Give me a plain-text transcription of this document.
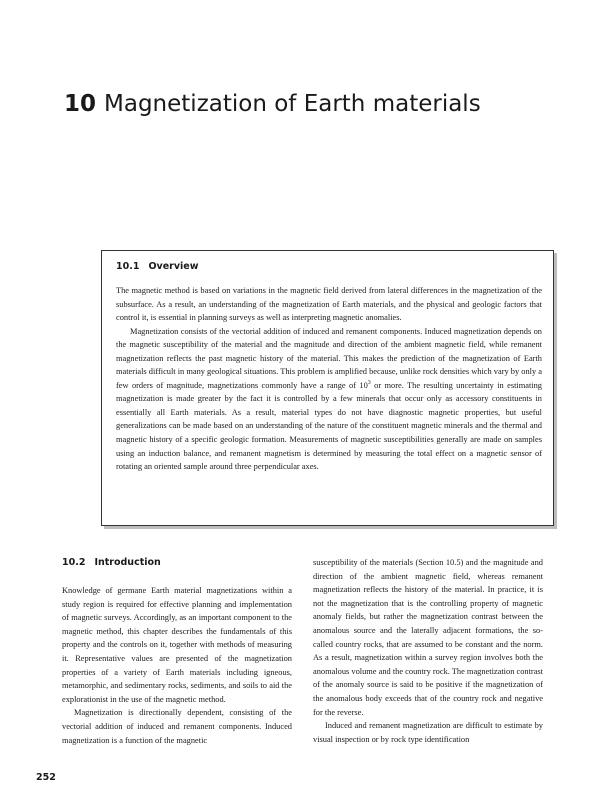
10 Magnetization of Earth materials
10.1 Overview

The magnetic method is based on variations in the magnetic field derived from lateral differences in the magnetization of the subsurface. As a result, an understanding of the magnetization of Earth materials, and the physical and geologic factors that control it, is essential in planning surveys as well as interpreting magnetic anomalies.

Magnetization consists of the vectorial addition of induced and remanent components. Induced magnetization depends on the magnetic susceptibility of the material and the magnitude and direction of the ambient magnetic field, while remanent magnetization reflects the past magnetic history of the material. This makes the prediction of the magnetization of Earth materials difficult in many geological situations. This problem is amplified because, unlike rock densities which vary by only a few orders of magnitude, magnetizations commonly have a range of $10^3$ or more. The resulting uncertainty in estimating magnetization is made greater by the fact it is controlled by a few minerals that occur only as accessory constituents in essentially all Earth materials. As a result, material types do not have diagnostic magnetic properties, but useful generalizations can be made based on an understanding of the nature of the constituent magnetic minerals and the thermal and magnetic history of a specific geologic formation. Measurements of magnetic susceptibilities generally are made on samples using an induction balance, and remanent magnetism is determined by measuring the total effect on a magnetic sensor of rotating an oriented sample around three perpendicular axes.

10.2 Introduction

Knowledge of germane Earth material magnetizations within a study region is required for effective planning and implementation of magnetic surveys. Accordingly, as an important component to the magnetic method, this chapter describes the fundamentals of this property and the controls on it, together with methods of measuring it. Representative values are presented of the magnetization properties of a variety of Earth materials including igneous, metamorphic, and sedimentary rocks, sediments, and soils to aid the explorationist in the use of the magnetic method.

Magnetization is directionally dependent, consisting of the vectorial addition of induced and remanent components. Induced magnetization is a function of the magnetic

susceptibility of the materials (Section 10.5) and the magnitude and direction of the ambient magnetic field, whereas remanent magnetization reflects the history of the material. In practice, it is not the magnetization that is the controlling property of magnetic anomaly fields, but rather the magnetization contrast between the anomalous source and the laterally adjacent formations, the so-called country rocks, that are assumed to be constant and the norm. As a result, magnetization within a survey region involves both the anomalous volume and the country rock. The magnetization contrast of the anomaly source is said to be positive if the magnetization of the anomalous body exceeds that of the country rock and negative for the reverse.

Induced and remanent magnetization are difficult to estimate by visual inspection or by rock type identification

252
